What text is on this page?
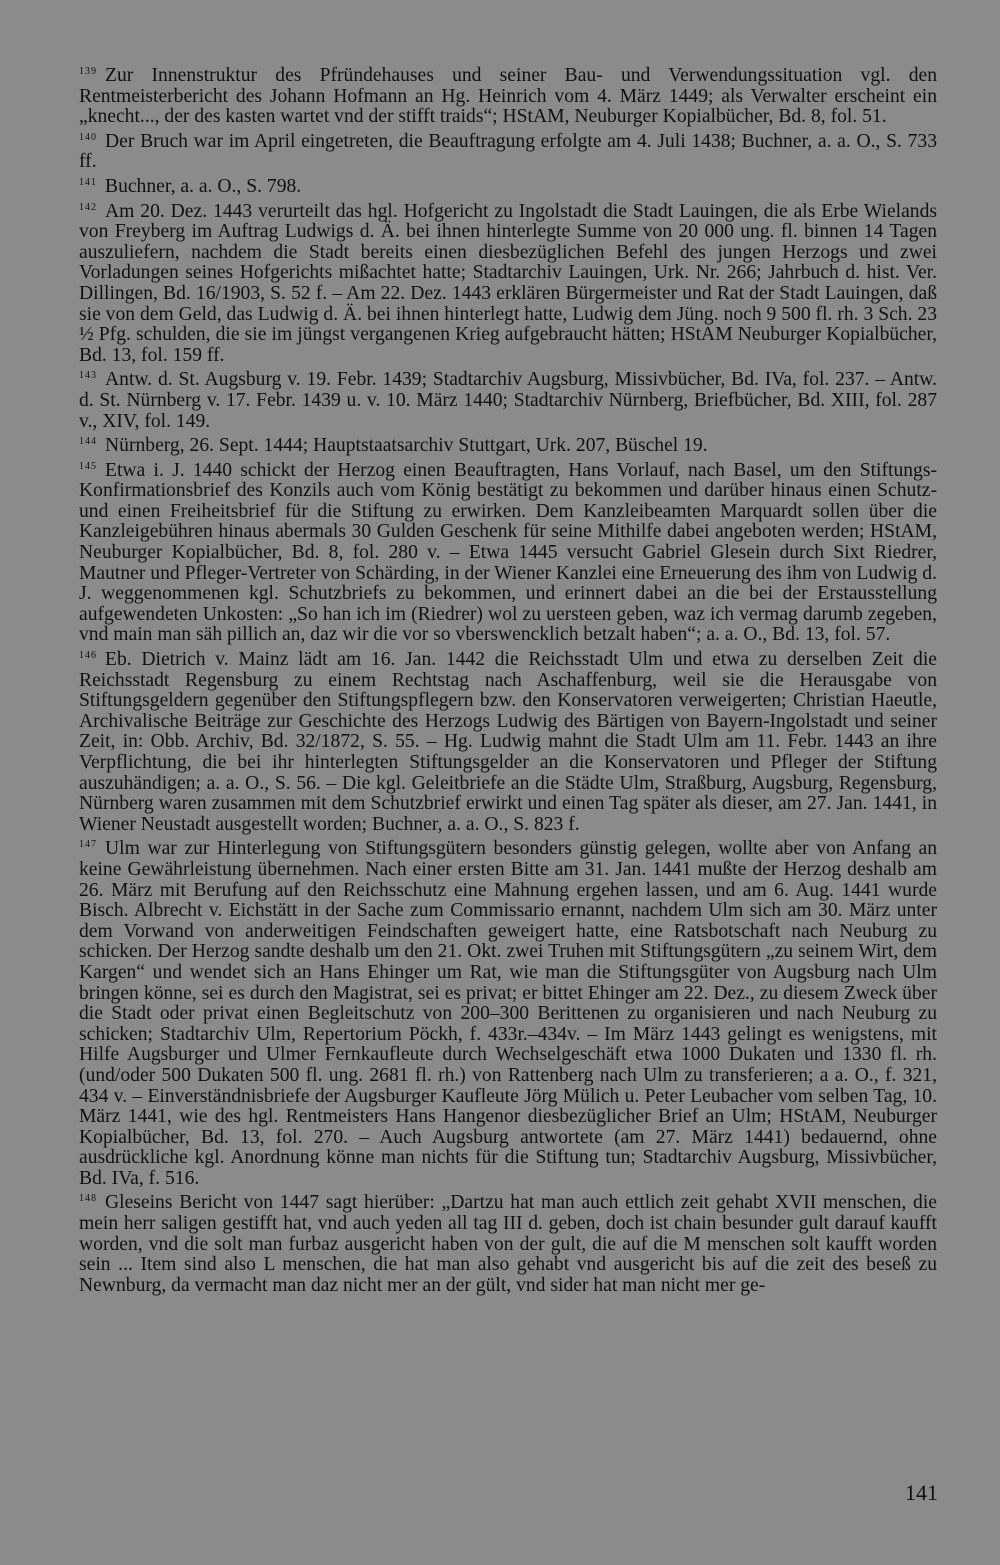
$^{139}$ Zur Innenstruktur des Pfründehauses und seiner Bau- und Verwendungssituation vgl. den Rentmeisterbericht des Johann Hofmann an Hg. Heinrich vom 4. März 1449; als Verwalter erscheint ein „knecht..., der des kasten wartet vnd der stifft traids“; HStAM, Neuburger Kopialbücher, Bd. 8, fol. 51.

$^{140}$ Der Bruch war im April eingetreten, die Beauftragung erfolgte am 4. Juli 1438; Buchner, a. a. O., S. 733 ff.

$^{141}$ Buchner, a. a. O., S. 798.

$^{142}$ Am 20. Dez. 1443 verurteilt das hgl. Hofgericht zu Ingolstadt die Stadt Lauingen, die als Erbe Wielands von Freyberg im Auftrag Ludwigs d. Ä. bei ihnen hinterlegte Summe von 20 000 ung. fl. binnen 14 Tagen auszuliefern, nachdem die Stadt bereits einen diesbezüglichen Befehl des jungen Herzogs und zwei Vorladungen seines Hofgerichts mißachtet hatte; Stadtarchiv Lauingen, Urk. Nr. 266; Jahrbuch d. hist. Ver. Dillingen, Bd. 16/1903, S. 52 f. – Am 22. Dez. 1443 erklären Bürgermeister und Rat der Stadt Lauingen, daß sie von dem Geld, das Ludwig d. Ä. bei ihnen hinterlegt hatte, Ludwig dem Jüng. noch 9 500 fl. rh. 3 Sch. 23 ½ Pfg. schulden, die sie im jüngst vergangenen Krieg aufgebraucht hätten; HStAM Neuburger Kopialbücher, Bd. 13, fol. 159 ff.

$^{143}$ Antw. d. St. Augsburg v. 19. Febr. 1439; Stadtarchiv Augsburg, Missivbücher, Bd. IVa, fol. 237. – Antw. d. St. Nürnberg v. 17. Febr. 1439 u. v. 10. März 1440; Stadtarchiv Nürnberg, Briefbücher, Bd. XIII, fol. 287 v., XIV, fol. 149.

$^{144}$ Nürnberg, 26. Sept. 1444; Hauptstaatsarchiv Stuttgart, Urk. 207, Büschel 19.

$^{145}$ Etwa i. J. 1440 schickt der Herzog einen Beauftragten, Hans Vorlauf, nach Basel, um den Stiftungs-Konfirmationsbrief des Konzils auch vom König bestätigt zu bekommen und darüber hinaus einen Schutz- und einen Freiheitsbrief für die Stiftung zu erwirken. Dem Kanzleibeamten Marquardt sollen über die Kanzleigebühren hinaus abermals 30 Gulden Geschenk für seine Mithilfe dabei angeboten werden; HStAM, Neuburger Kopialbücher, Bd. 8, fol. 280 v. – Etwa 1445 versucht Gabriel Glesein durch Sixt Riedrer, Mautner und Pfleger-Vertreter von Schärding, in der Wiener Kanzlei eine Erneuerung des ihm von Ludwig d. J. weggenommenen kgl. Schutzbriefs zu bekommen, und erinnert dabei an die bei der Erstausstellung aufgewendeten Unkosten: „So han ich im (Riedrer) wol zu uersteen geben, waz ich vermag darumb zegeben, vnd main man säh pillich an, daz wir die vor so vberswencklich betzalt haben“; a. a. O., Bd. 13, fol. 57.

$^{146}$ Eb. Dietrich v. Mainz lädt am 16. Jan. 1442 die Reichsstadt Ulm und etwa zu derselben Zeit die Reichsstadt Regensburg zu einem Rechtstag nach Aschaffenburg, weil sie die Herausgabe von Stiftungsgeldern gegenüber den Stiftungspflegern bzw. den Konservatoren verweigerten; Christian Haeutle, Archivalische Beiträge zur Geschichte des Herzogs Ludwig des Bärtigen von Bayern-Ingolstadt und seiner Zeit, in: Obb. Archiv, Bd. 32/1872, S. 55. – Hg. Ludwig mahnt die Stadt Ulm am 11. Febr. 1443 an ihre Verpflichtung, die bei ihr hinterlegten Stiftungsgelder an die Konservatoren und Pfleger der Stiftung auszuhändigen; a. a. O., S. 56. – Die kgl. Geleitbriefe an die Städte Ulm, Straßburg, Augsburg, Regensburg, Nürnberg waren zusammen mit dem Schutzbrief erwirkt und einen Tag später als dieser, am 27. Jan. 1441, in Wiener Neustadt ausgestellt worden; Buchner, a. a. O., S. 823 f.

$^{147}$ Ulm war zur Hinterlegung von Stiftungsgütern besonders günstig gelegen, wollte aber von Anfang an keine Gewährleistung übernehmen. Nach einer ersten Bitte am 31. Jan. 1441 mußte der Herzog deshalb am 26. März mit Berufung auf den Reichsschutz eine Mahnung ergehen lassen, und am 6. Aug. 1441 wurde Bisch. Albrecht v. Eichstätt in der Sache zum Commissario ernannt, nachdem Ulm sich am 30. März unter dem Vorwand von anderweitigen Feindschaften geweigert hatte, eine Ratsbotschaft nach Neuburg zu schicken. Der Herzog sandte deshalb um den 21. Okt. zwei Truhen mit Stiftungsgütern „zu seinem Wirt, dem Kargen“ und wendet sich an Hans Ehinger um Rat, wie man die Stiftungsgüter von Augsburg nach Ulm bringen könne, sei es durch den Magistrat, sei es privat; er bittet Ehinger am 22. Dez., zu diesem Zweck über die Stadt oder privat einen Begleitschutz von 200–300 Berittenen zu organisieren und nach Neuburg zu schicken; Stadtarchiv Ulm, Repertorium Pöckh, f. 433r.–434v. – Im März 1443 gelingt es wenigstens, mit Hilfe Augsburger und Ulmer Fernkaufleute durch Wechselgeschäft etwa 1000 Dukaten und 1330 fl. rh. (und/oder 500 Dukaten 500 fl. ung. 2681 fl. rh.) von Rattenberg nach Ulm zu transferieren; a a. O., f. 321, 434 v. – Einverständnisbriefe der Augsburger Kaufleute Jörg Mülich u. Peter Leubacher vom selben Tag, 10. März 1441, wie des hgl. Rentmeisters Hans Hangenor diesbezüglicher Brief an Ulm; HStAM, Neuburger Kopialbücher, Bd. 13, fol. 270. – Auch Augsburg antwortete (am 27. März 1441) bedauernd, ohne ausdrückliche kgl. Anordnung könne man nichts für die Stiftung tun; Stadtarchiv Augsburg, Missivbücher, Bd. IVa, f. 516.

$^{148}$ Gleseins Bericht von 1447 sagt hierüber: „Dartzu hat man auch ettlich zeit gehabt XVII menschen, die mein herr saligen gestifft hat, vnd auch yeden all tag III d. geben, doch ist chain besunder gult darauf kaufft worden, vnd die solt man furbaz ausgericht haben von der gult, die auf die M menschen solt kaufft worden sein ... Item sind also L menschen, die hat man also gehabt vnd ausgericht bis auf die zeit des beseß zu Newnburg, da vermacht man daz nicht mer an der gült, vnd sider hat man nicht mer ge-

141
